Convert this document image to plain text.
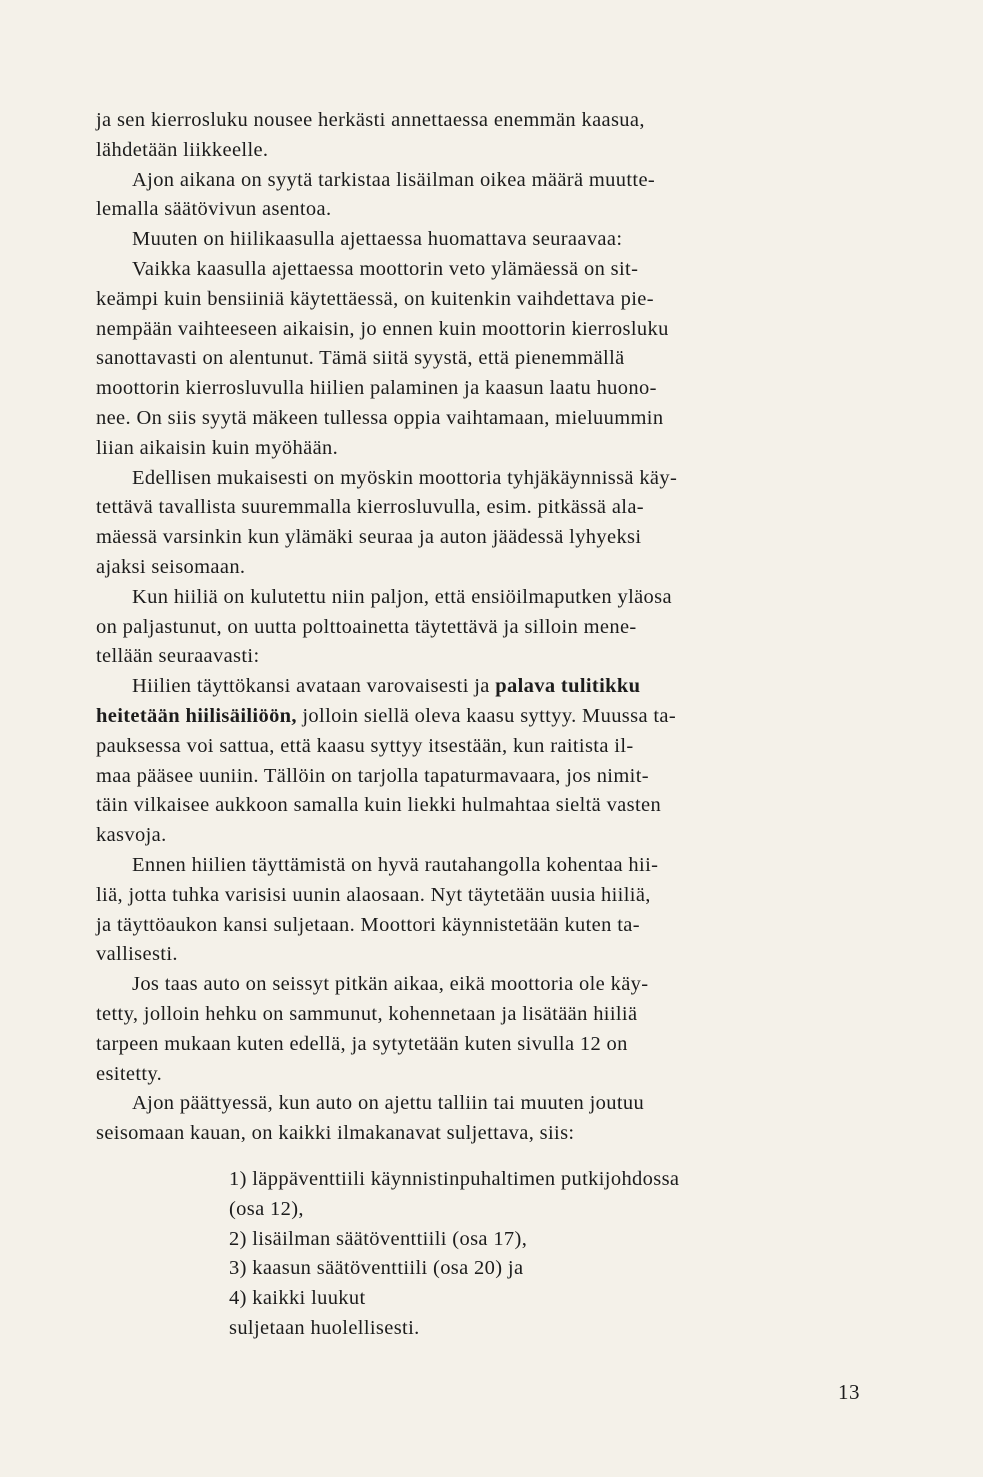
ja sen kierrosluku nousee herkästi annettaessa enemmän kaasua,
lähdetään liikkeelle.
Ajon aikana on syytä tarkistaa lisäilman oikea määrä muutte-
lemalla säätövivun asentoa.
Muuten on hiilikaasulla ajettaessa huomattava seuraavaa:
Vaikka kaasulla ajettaessa moottorin veto ylämäessä on sit-
keämpi kuin bensiiniä käytettäessä, on kuitenkin vaihdettava pie-
nempään vaihteeseen aikaisin, jo ennen kuin moottorin kierrosluku
sanottavasti on alentunut. Tämä siitä syystä, että pienemmällä
moottorin kierrosluvulla hiilien palaminen ja kaasun laatu huono-
nee. On siis syytä mäkeen tullessa oppia vaihtamaan, mieluummin
liian aikaisin kuin myöhään.
Edellisen mukaisesti on myöskin moottoria tyhjäkäynnissä käy-
tettävä tavallista suuremmalla kierrosluvulla, esim. pitkässä ala-
mäessä varsinkin kun ylämäki seuraa ja auton jäädessä lyhyeksi
ajaksi seisomaan.
Kun hiiliä on kulutettu niin paljon, että ensiöilmaputken yläosa
on paljastunut, on uutta polttoainetta täytettävä ja silloin mene-
tellään seuraavasti:
Hiilien täyttökansi avataan varovaisesti ja palava tulitikku
heitetään hiilisäiliöön, jolloin siellä oleva kaasu syttyy. Muussa ta-
pauksessa voi sattua, että kaasu syttyy itsestään, kun raitista il-
maa pääsee uuniin. Tällöin on tarjolla tapaturmavaara, jos nimit-
täin vilkaisee aukkoon samalla kuin liekki hulmahtaa sieltä vasten
kasvoja.
Ennen hiilien täyttämistä on hyvä rautahangolla kohentaa hii-
liä, jotta tuhka varisisi uunin alaosaan. Nyt täytetään uusia hiiliä,
ja täyttöaukon kansi suljetaan. Moottori käynnistetään kuten ta-
vallisesti.
Jos taas auto on seissyt pitkän aikaa, eikä moottoria ole käy-
tetty, jolloin hehku on sammunut, kohennetaan ja lisätään hiiliä
tarpeen mukaan kuten edellä, ja sytytetään kuten sivulla 12 on
esitetty.
Ajon päättyessä, kun auto on ajettu talliin tai muuten joutuu
seisomaan kauan, on kaikki ilmakanavat suljettava, siis:
1) läppäventtiili käynnistinpuhaltimen putkijohdossa
(osa 12),
2) lisäilman säätöventtiili (osa 17),
3) kaasun säätöventtiili (osa 20) ja
4) kaikki luukut
suljetaan huolellisesti.
13
